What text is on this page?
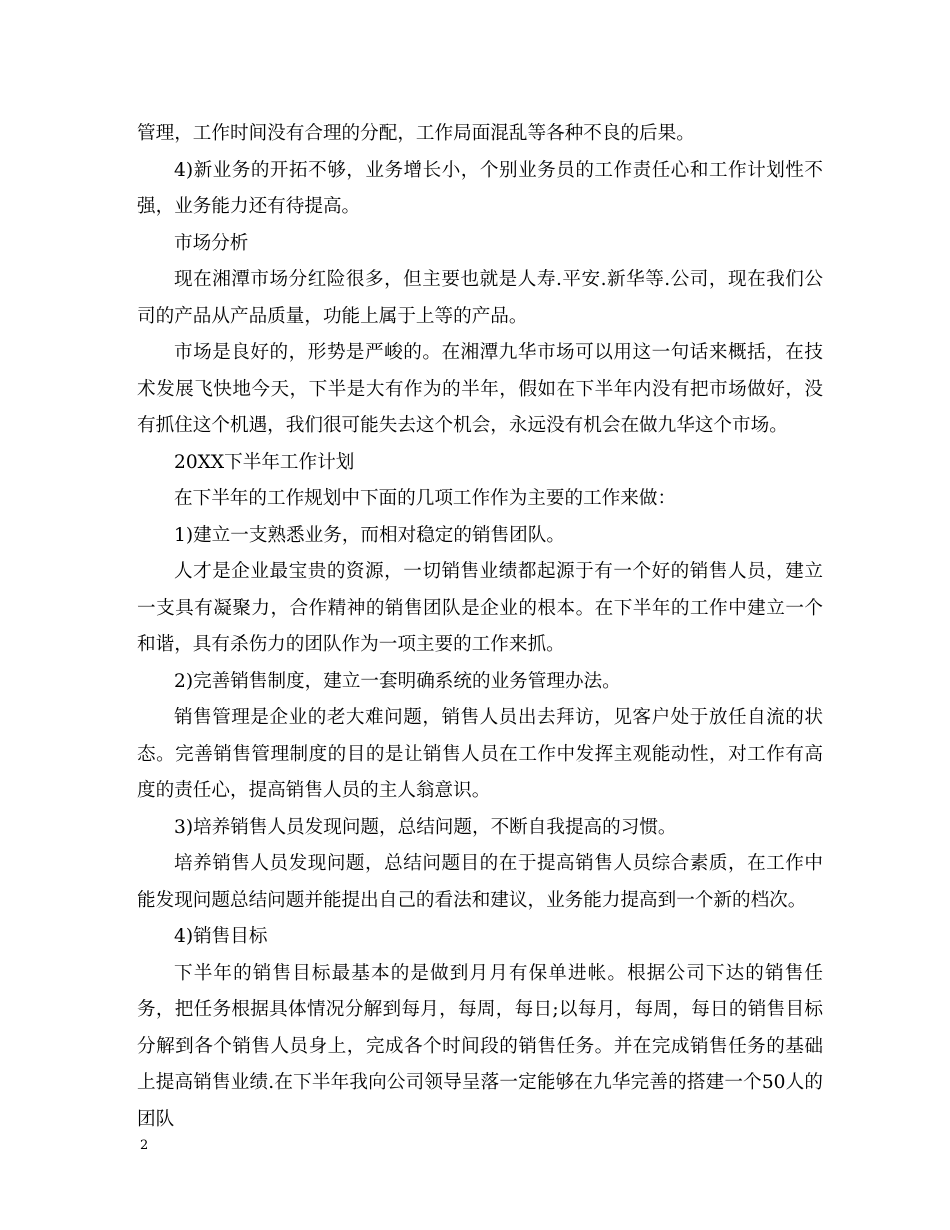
管理，工作时间没有合理的分配，工作局面混乱等各种不良的后果。

4)新业务的开拓不够，业务增长小，个别业务员的工作责任心和工作计划性不强，业务能力还有待提高。

市场分析

现在湘潭市场分红险很多，但主要也就是人寿.平安.新华等.公司，现在我们公司的产品从产品质量，功能上属于上等的产品。

市场是良好的，形势是严峻的。在湘潭九华市场可以用这一句话来概括，在技术发展飞快地今天，下半是大有作为的半年，假如在下半年内没有把市场做好，没有抓住这个机遇，我们很可能失去这个机会，永远没有机会在做九华这个市场。

20XX下半年工作计划

在下半年的工作规划中下面的几项工作作为主要的工作来做：

1)建立一支熟悉业务，而相对稳定的销售团队。

人才是企业最宝贵的资源，一切销售业绩都起源于有一个好的销售人员，建立一支具有凝聚力，合作精神的销售团队是企业的根本。在下半年的工作中建立一个和谐，具有杀伤力的团队作为一项主要的工作来抓。

2)完善销售制度，建立一套明确系统的业务管理办法。

销售管理是企业的老大难问题，销售人员出去拜访，见客户处于放任自流的状态。完善销售管理制度的目的是让销售人员在工作中发挥主观能动性，对工作有高度的责任心，提高销售人员的主人翁意识。

3)培养销售人员发现问题，总结问题，不断自我提高的习惯。

培养销售人员发现问题，总结问题目的在于提高销售人员综合素质，在工作中能发现问题总结问题并能提出自己的看法和建议，业务能力提高到一个新的档次。

4)销售目标

下半年的销售目标最基本的是做到月月有保单进帐。根据公司下达的销售任务，把任务根据具体情况分解到每月，每周，每日;以每月，每周，每日的销售目标分解到各个销售人员身上，完成各个时间段的销售任务。并在完成销售任务的基础上提高销售业绩.在下半年我向公司领导呈落一定能够在九华完善的搭建一个50人的团队

2
